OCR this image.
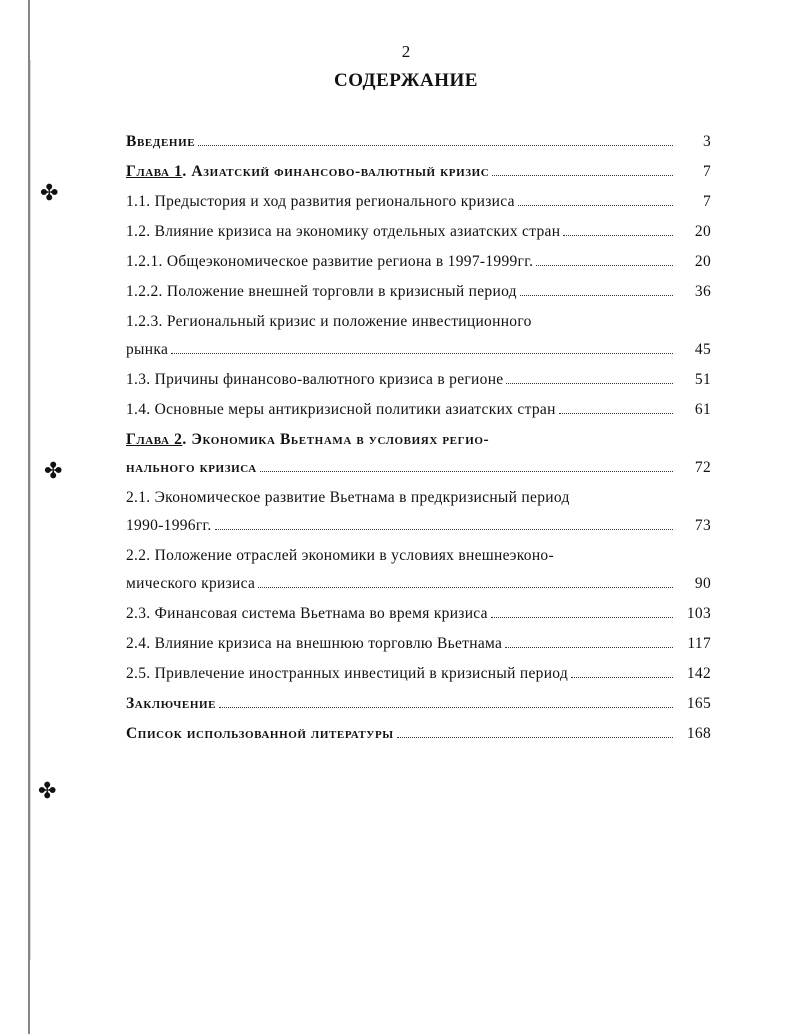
✤
✤
✤
2
СОДЕРЖАНИЕ
Введение	3
Глава 1. Азиатский финансово-валютный кризис	7
1.1. Предыстория и ход развития регионального кризиса	7
1.2. Влияние кризиса на экономику отдельных азиатских стран	20
1.2.1. Общеэкономическое развитие региона в 1997-1999гг.	20
1.2.2. Положение внешней торговли в кризисный период	36
1.2.3. Региональный кризис и положение инвестиционного
рынка	45
1.3. Причины финансово-валютного кризиса в регионе	51
1.4. Основные меры антикризисной политики азиатских стран	61
Глава 2. Экономика Вьетнама в условиях регио-
нального кризиса	72
2.1. Экономическое развитие Вьетнама в предкризисный период
1990-1996гг.	73
2.2. Положение отраслей экономики в условиях внешнеэконо-
мического кризиса	90
2.3. Финансовая система Вьетнама во время кризиса	103
2.4. Влияние кризиса на внешнюю торговлю Вьетнама	117
2.5. Привлечение иностранных инвестиций в кризисный период	142
Заключение	165
Список использованной литературы	168
